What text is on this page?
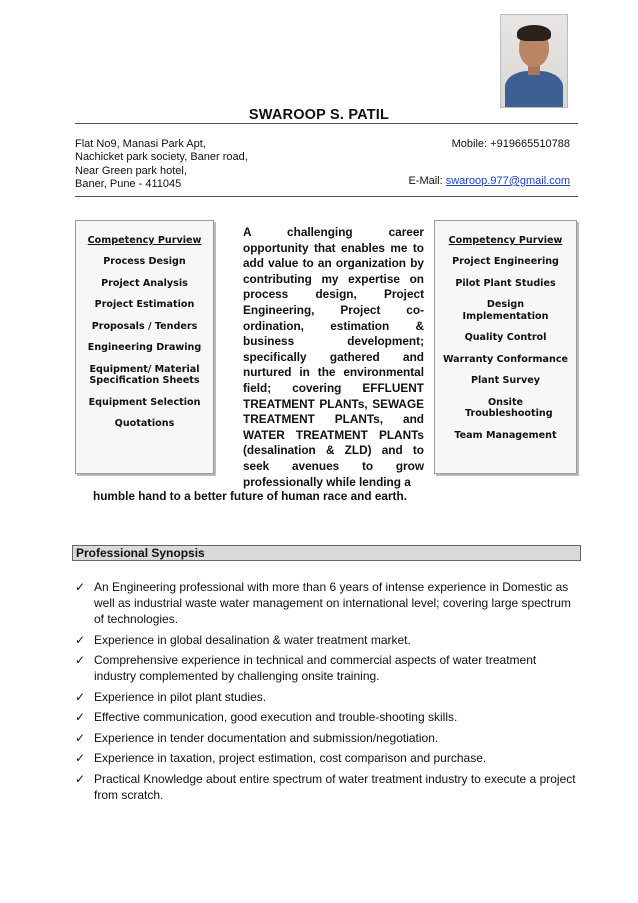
SWAROOP S. PATIL
Flat No9, Manasi Park Apt,
Nachicket park society, Baner road,
Near Green park hotel,
Baner, Pune - 411045
Mobile: +919665510788
E-Mail: swaroop.977@gmail.com
Competency Purview
Process Design
Project Analysis
Project Estimation
Proposals / Tenders
Engineering Drawing
Equipment/ Material Specification Sheets
Equipment Selection
Quotations
A challenging career opportunity that enables me to add value to an organization by contributing my expertise on process design, Project Engineering, Project co-ordination, estimation & business development; specifically gathered and nurtured in the environmental field; covering EFFLUENT TREATMENT PLANTs, SEWAGE TREATMENT PLANTs, and WATER TREATMENT PLANTs (desalination & ZLD) and to seek avenues to grow professionally while lending a
humble hand to a better future of human race and earth.
Competency Purview
Project Engineering
Pilot Plant Studies
Design Implementation
Quality Control
Warranty Conformance
Plant Survey
Onsite Troubleshooting
Team Management
Professional Synopsis
✓ An Engineering professional with more than 6 years of intense experience in Domestic as well as industrial waste water management on international level; covering large spectrum of technologies.
✓ Experience in global desalination & water treatment market.
✓ Comprehensive experience in technical and commercial aspects of water treatment industry complemented by challenging onsite training.
✓ Experience in pilot plant studies.
✓ Effective communication, good execution and trouble-shooting skills.
✓ Experience in tender documentation and submission/negotiation.
✓ Experience in taxation, project estimation, cost comparison and purchase.
✓ Practical Knowledge about entire spectrum of water treatment industry to execute a project from scratch.
